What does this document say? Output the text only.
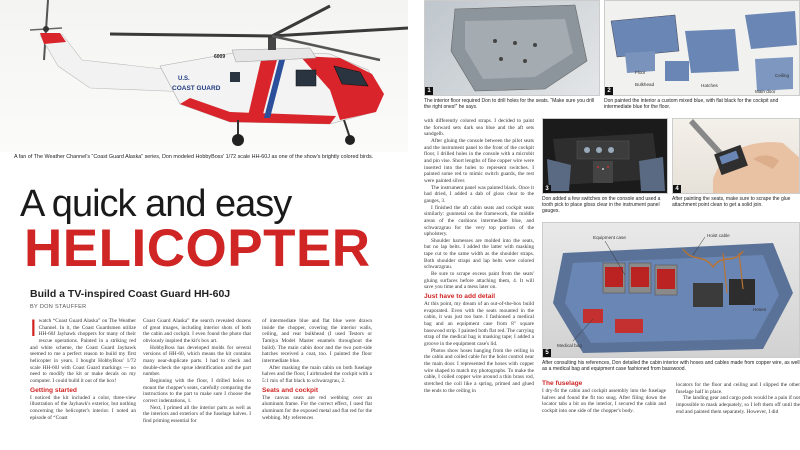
U.S.
COAST GUARD
6009
A fan of The Weather Channel's “Coast Guard Alaska” series, Don modeled HobbyBoss' 1/72 scale HH-60J as one of the show's brightly colored birds.
A quick and easy
HELICOPTER
Build a TV-inspired Coast Guard HH-60J
BY DON STAUFFER

Iwatch “Coast Guard Alaska” on The Weather Channel. In it, the Coast Guardsmen utilize HH-60J Jayhawk choppers for many of their rescue operations. Painted in a striking red and white scheme, the Coast Guard Jayhawk seemed to me a perfect reason to build my first helicopter in years. I bought HobbyBoss' 1/72 scale HH-60J with Coast Guard markings — no need to modify the kit or make decals on my computer. I could build it out of the box!

Getting started

I noticed the kit included a color, three-view illustration of the Jayhawk's exterior, but nothing concerning the helicopter's interior. I noted an episode of “Coast

Coast Guard Alaska” the search revealed dozens of great images, including interior shots of both the cabin and cockpit. I even found the photo that obviously inspired the kit's box art.

HobbyBoss has developed molds for several versions of HH-60, which means the kit contains many near-duplicate parts. I had to check and double-check the sprue identification and the part number.

Beginning with the floor, I drilled holes to mount the chopper's seats, carefully comparing the instructions to the part to make sure I choose the correct indentations, 1.

Next, I primed all the interior parts as well as the interiors and exteriors of the fuselage halves. I find priming essential for

of intermediate blue and flat blue were drawn inside the chopper, covering the interior walls, ceiling, and rear bulkhead (I used Testors or Tamiya Model Master enamels throughout the build). The main cabin door and the two port-side hatches received a coat, too. I painted the floor intermediate blue.

After masking the main cabin on both fuselage halves and the floor, I airbrushed the cockpit with a 5:1 mix of flat black to schwarzgrau, 2.

Seats and cockpit

The canvas seats are red webbing over an aluminum frame. For the correct effect, I used flat aluminum for the exposed metal and flat red for the webbing. My references

1
The interior floor required Don to drill holes for the seats. “Make sure you drill the right ones!” he says.
Floor
Bulkhead	Hatches
Main door
Ceiling
2
Don painted the interior a custom mixed blue, with flat black for the cockpit and intermediate blue for the floor.

with differently colored straps. I decided to paint the forward sets dark sea blue and the aft sets sandgelb.

After gluing the console between the pilot seats and the instrument panel to the front of the cockpit floor, I drilled holes in the console with a microbit and pin vise. Short lengths of fine copper wire were inserted into the holes to represent switches. I painted some red to mimic switch guards, the rest were painted silver.

The instrument panel was painted black. Once it had dried, I added a dab of gloss clear to the gauges, 3.

I finished the aft cabin seats and cockpit seats similarly: gunmetal on the framework, the middle areas of the cushions intermediate blue, and schwarzgrau for the very top portion of the upholstery.

Shoulder harnesses are molded into the seats, but no lap belts. I added the latter with masking tape cut to the same width as the shoulder straps. Both shoulder straps and lap belts were colored schwarzgrau.

Be sure to scrape excess paint from the seats' gluing surfaces before attaching them, 4. It will save you time and a mess later on.

Just have to add detail

At this point, my dream of an out-of-the-box build evaporated. Even with the seats mounted in the cabin, it was just too bare. I fashioned a medical bag and an equipment case from 8" square basswood strip. I painted both flat red. The carrying strap of the medical bag is masking tape; I added a groove in the equipment case's lid.

Photos show hoses hanging from the ceiling in the cabin and coiled cable for the hoist control near the main door. I represented the hoses with copper wire shaped to match my photographs. To make the cable, I coiled copper wire around a thin brass rod, stretched the coil like a spring, primed and glued the ends to the ceiling in

3
Don added a few switches on the console and used a tooth pick to place gloss clear in the instrument panel gauges.
4
After painting the seats, make sure to scrape the glue attachment point clean to get a solid join.
Equipment case	Hoist cable
Hoses
Medical bag
5
After consulting his references, Don detailed the cabin interior with hoses and cables made from copper wire, as well as a medical bag and equipment case fashioned from basswood.
The fuselage

I dry-fit the cabin and cockpit assembly into the fuselage halves and found the fit too snug. After filing down the locator tabs a bit on the interior, I secured the cabin and cockpit into one side of the chopper's body.

locators for the floor and ceiling and I slipped the other fuselage half in place.

The landing gear and cargo pods would be a pain if not impossible to mask adequately, so I left them off until the end and painted them separately. However, I did
